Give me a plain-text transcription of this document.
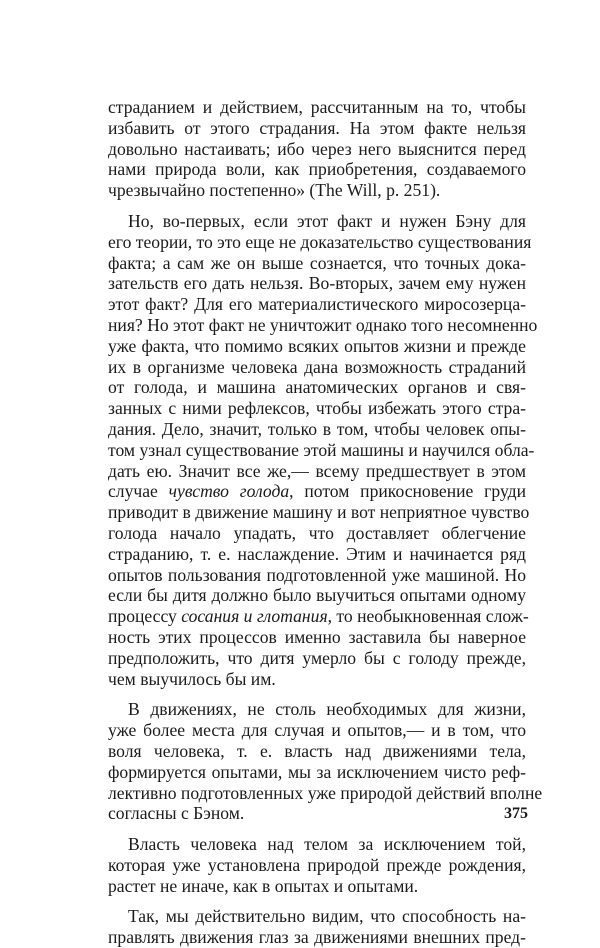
страданием и действием, рассчитанным на то, чтобы
избавить от этого страдания. На этом факте нельзя
довольно настаивать; ибо через него выяснится перед
нами природа воли, как приобретения, создаваемого
чрезвычайно постепенно» (The Will, p. 251).
Но, во-первых, если этот факт и нужен Бэну для
его теории, то это еще не доказательство существования
факта; а сам же он выше сознается, что точных дока-
зательств его дать нельзя. Во-вторых, зачем ему нужен
этот факт? Для его материалистического миросозерца-
ния? Но этот факт не уничтожит однако того несомненно
уже факта, что помимо всяких опытов жизни и прежде
их в организме человека дана возможность страданий
от голода, и машина анатомических органов и свя-
занных с ними рефлексов, чтобы избежать этого стра-
дания. Дело, значит, только в том, чтобы человек опы-
том узнал существование этой машины и научился обла-
дать ею. Значит все же,— всему предшествует в этом
случае чувство голода, потом прикосновение груди
приводит в движение машину и вот неприятное чувство
голода начало упадать, что доставляет облегчение
страданию, т. е. наслаждение. Этим и начинается ряд
опытов пользования подготовленной уже машиной. Но
если бы дитя должно было выучиться опытами одному
процессу сосания и глотания, то необыкновенная слож-
ность этих процессов именно заставила бы наверное
предположить, что дитя умерло бы с голоду прежде,
чем выучилось бы им.
В движениях, не столь необходимых для жизни,
уже более места для случая и опытов,— и в том, что
воля человека, т. е. власть над движениями тела,
формируется опытами, мы за исключением чисто реф-
лективно подготовленных уже природой действий вполне
согласны с Бэном.
Власть человека над телом за исключением той,
которая уже установлена природой прежде рождения,
растет не иначе, как в опытах и опытами.
Так, мы действительно видим, что способность на-
правлять движения глаз за движениями внешних пред-
375
